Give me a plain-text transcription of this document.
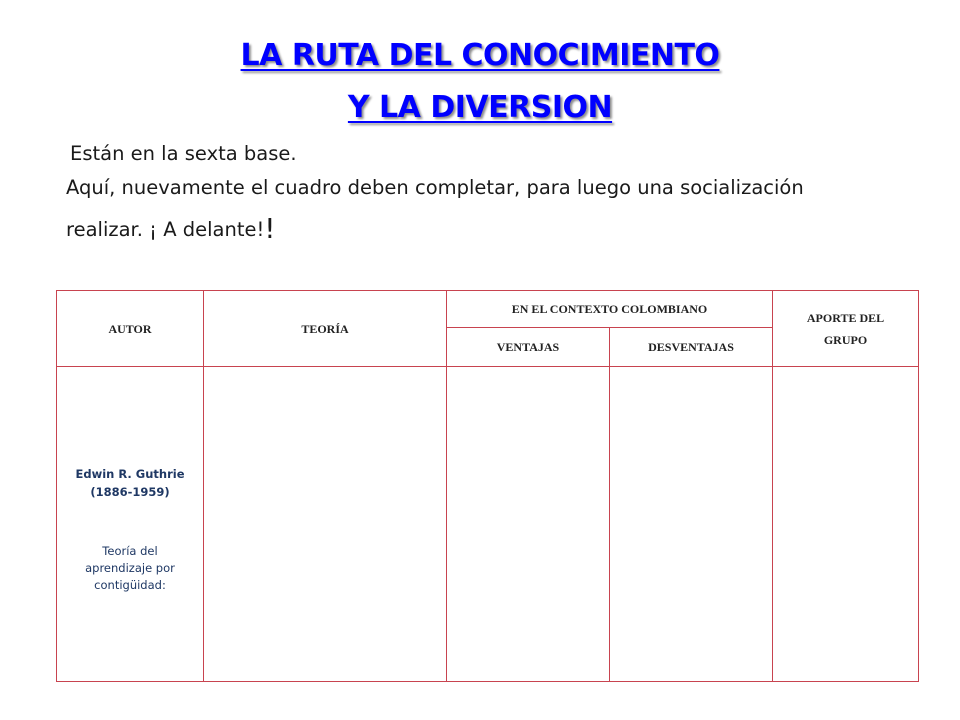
LA RUTA DEL CONOCIMIENTO
Y LA DIVERSION
Están en la sexta base.
Aquí, nuevamente el cuadro deben completar, para luego una socialización
realizar. ¡ A delante!!
AUTOR	TEORÍA	EN EL CONTEXTO COLOMBIANO		APORTE DEL
GRUPO
		VENTAJAS	DESVENTAJAS	

Edwin R. Guthrie
(1886-1959)
Teoría del
aprendizaje por
contigüidad:				
